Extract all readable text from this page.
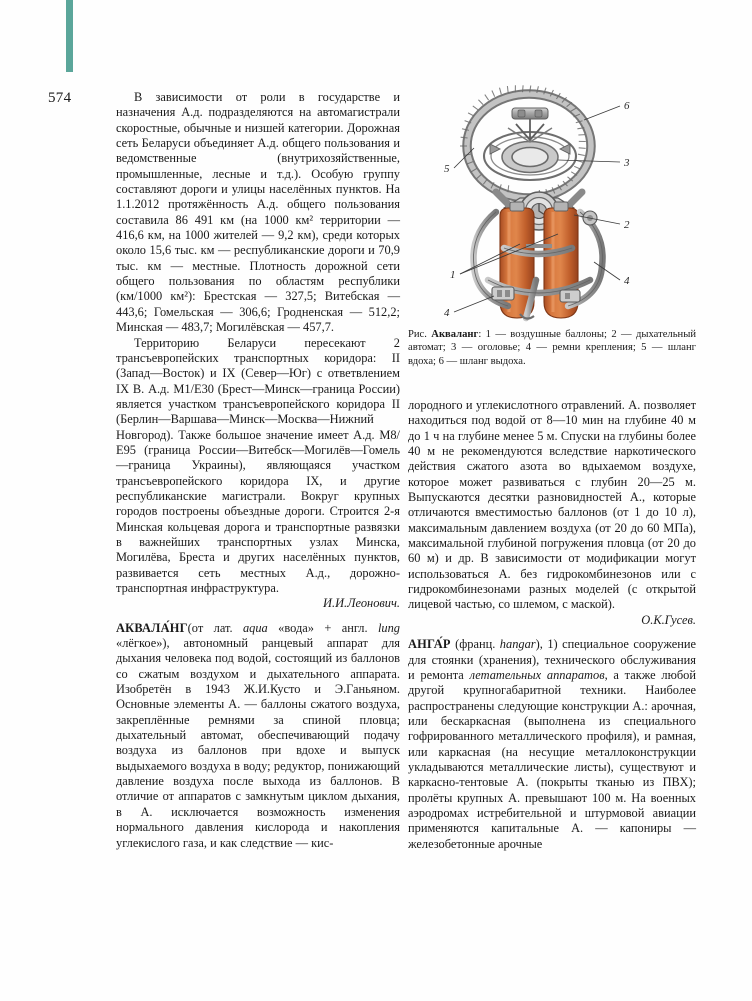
574	В зависимости от роли в государстве и назначения А.д. подразделяются на автомагистрали скоростные, обычные и низшей категории. Дорожная сеть Беларуси объединяет А.д. общего пользования и ведомственные (внутрихозяйственные, промышленные, лесные и т.д.). Особую группу составляют дороги и улицы населённых пунктов. На 1.1.2012 протяжённость А.д. общего пользования составила 86 491 км (на 1000 км² территории — 416,6 км, на 1000 жителей — 9,2 км), среди которых около 15,6 тыс. км — республиканские дороги и 70,9 тыс. км — местные. Плотность дорожной сети общего пользования по областям республики (км/1000 км²): Брестская — 327,5; Витебская — 443,6; Гомельская — 306,6; Гродненская — 512,2; Минская — 483,7; Могилёвская — 457,7.

Территорию Беларуси пересекают 2 трансъевропейских транспортных коридора: II (Запад—Восток) и IX (Север—Юг) с ответвлением IX В. А.д. М1/Е30 (Брест—Минск—граница России) является участком трансъевропейского коридора II (Берлин—Варшава—Минск—Москва—Нижний Новгород). Также большое значение имеет А.д. М8/Е95 (граница России—Витебск—Могилёв—Гомель—граница Украины), являющаяся участком трансъевропейского коридора IX, и другие республиканские магистрали. Вокруг крупных городов построены объездные дороги. Строится 2-я Минская кольцевая дорога и транспортные развязки в важнейших транспортных узлах Минска, Могилёва, Бреста и других населённых пунктов, развивается сеть местных А.д., дорожно-транспортная инфраструктура.

И.И.Леонович.

АКВАЛА́НГ(от лат. aqua «вода» + англ. lung «лёгкое»), автономный ранцевый аппарат для дыхания человека под водой, состоящий из баллонов со сжатым воздухом и дыхательного аппарата. Изобретён в 1943 Ж.И.Кусто и Э.Ганьяном. Основные элементы А. — баллоны сжатого воздуха, закреплённые ремнями за спиной пловца; дыхательный автомат, обеспечивающий подачу воздуха из баллонов при вдохе и выпуск выдыхаемого воздуха в воду; редуктор, понижающий давление воздуха после выхода из баллонов. В отличие от аппаратов с замкнутым циклом дыхания, в А. исключается возможность изменения нормального давления кислорода и накопления углекислого газа, и как следствие — кис-

6
3
2
4
5
1
4
Рис. Акваланг: 1 — воздушные баллоны; 2 — дыхательный автомат; 3 — оголовье; 4 — ремни крепления; 5 — шланг вдоха; 6 — шланг выдоха.

лородного и углекислотного отравлений. А. позволяет находиться под водой от 8—10 мин на глубине 40 м до 1 ч на глубине менее 5 м. Спуски на глубины более 40 м не рекомендуются вследствие наркотического действия сжатого азота во вдыхаемом воздухе, которое может развиваться с глубин 20—25 м. Выпускаются десятки разновидностей А., которые отличаются вместимостью баллонов (от 1 до 10 л), максимальным давлением воздуха (от 20 до 60 МПа), максимальной глубиной погружения пловца (от 20 до 60 м) и др. В зависимости от модификации могут использоваться А. без гидрокомбинезонов или с гидрокомбинезонами разных моделей (с открытой лицевой частью, со шлемом, с маской).

О.К.Гусев.

АНГА́Р (франц. hangar), 1) специальное сооружение для стоянки (хранения), технического обслуживания и ремонта летательных аппаратов, а также любой другой крупногабаритной техники. Наиболее распространены следующие конструкции А.: арочная, или бескаркасная (выполнена из специального гофрированного металлического профиля), и рамная, или каркасная (на несущие металлоконструкции укладываются металлические листы), существуют и каркасно-тентовые А. (покрыты тканью из ПВХ); пролёты крупных А. превышают 100 м. На военных аэродромах истребительной и штурмовой авиации применяются капитальные А. — капониры — железобетонные арочные
